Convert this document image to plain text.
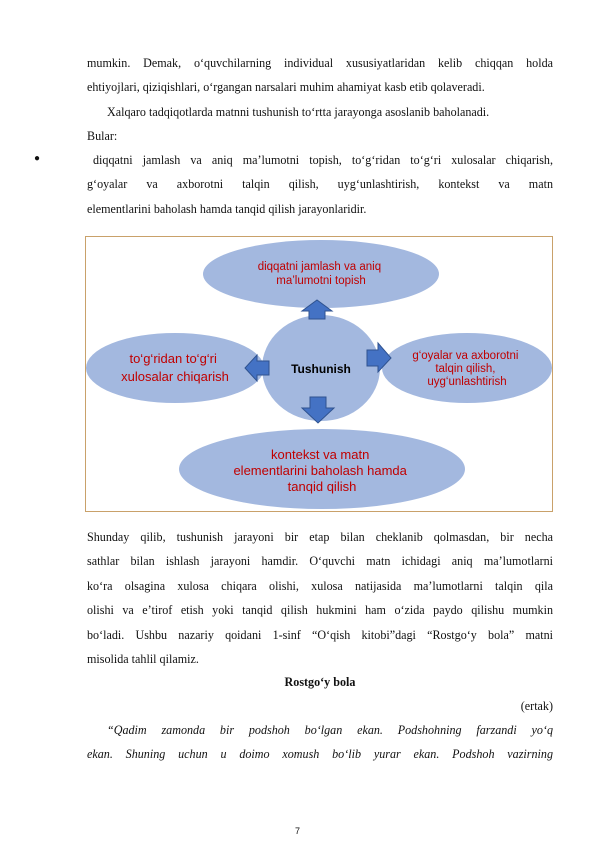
mumkin. Demak, o‘quvchilarning individual xususiyatlaridan kelib chiqqan holda
ehtiyojlari, qiziqishlari, o‘rgangan narsalari muhim ahamiyat kasb etib qolaveradi.
Xalqaro tadqiqotlarda matnni tushunish to‘rtta jarayonga asoslanib baholanadi.
Bular:
●	diqqatni jamlash va aniq ma’lumotni topish, to‘g‘ridan to‘g‘ri xulosalar chiqarish,
g‘oyalar va axborotni talqin qilish, uyg‘unlashtirish, kontekst va matn
elementlarini baholash hamda tanqid qilish jarayonlaridir.
diqqatni jamlash va aniq ma’lumotni topish
to‘g‘ridan to‘g‘ri xulosalar chiqarish
g‘oyalar va axborotni talqin qilish, uyg‘unlashtirish
Tushunish
kontekst va matn elementlarini baholash hamda tanqid qilish
Shunday qilib, tushunish jarayoni bir etap bilan cheklanib qolmasdan, bir necha
sathlar bilan ishlash jarayoni hamdir. O‘quvchi matn ichidagi aniq ma’lumotlarni
ko‘ra olsagina xulosa chiqara olishi, xulosa natijasida ma’lumotlarni talqin qila
olishi va e’tirof etish yoki tanqid qilish hukmini ham o‘zida paydo qilishu mumkin
bo‘ladi. Ushbu nazariy qoidani 1-sinf “O‘qish kitobi”dagi “Rostgo‘y bola” matni
misolida tahlil qilamiz.
Rostgo‘y bola
(ertak)
“Qadim zamonda bir podshoh bo‘lgan ekan. Podshohning farzandi yo‘q
ekan. Shuning uchun u doimo xomush bo‘lib yurar ekan. Podshoh vazirning
7
